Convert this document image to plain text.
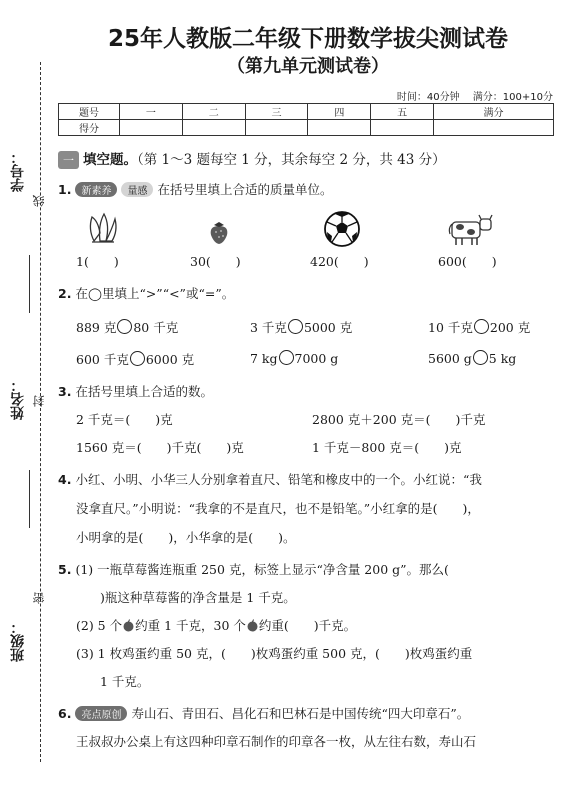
学号：
线
姓名： 封
班级：
密
25年人教版二年级下册数学拔尖测试卷
（第九单元测试卷）
时间：40分钟 满分：100+10分
题号	一	二	三	四	五	满分
得分						
一 填空题。（第 1～3 题每空 1 分，其余每空 2 分，共 43 分）
1. 新素养 量感 在括号里填上合适的质量单位。
1(　　)	30(　　)	420(　　)	600(　　)
2. 在◯里填上“>”“<”或“=”。
889 克 80 千克	3 千克 5000 克	10 千克 200 克
600 千克 6000 克	7 kg 7000 g	5600 g 5 kg
3. 在括号里填上合适的数。
2 千克＝(　　)克	2800 克＋200 克＝(　　)千克
1560 克＝(　　)千克(　　)克	1 千克－800 克＝(　　)克
4. 小红、小明、小华三人分别拿着直尺、铅笔和橡皮中的一个。小红说：“我
没拿直尺。”小明说：“我拿的不是直尺，也不是铅笔。”小红拿的是(　　)，
小明拿的是(　　)，小华拿的是(　　)。
5. (1) 一瓶草莓酱连瓶重 250 克，标签上显示“净含量 200 g”。那么(
)瓶这种草莓酱的净含量是 1 千克。
(2) 5 个 约重 1 千克，30 个 约重(　　)千克。
(3) 1 枚鸡蛋约重 50 克，(　　)枚鸡蛋约重 500 克，(　　)枚鸡蛋约重
1 千克。
6. 亮点原创 寿山石、青田石、昌化石和巴林石是中国传统“四大印章石”。
王叔叔办公桌上有这四种印章石制作的印章各一枚，从左往右数，寿山石
